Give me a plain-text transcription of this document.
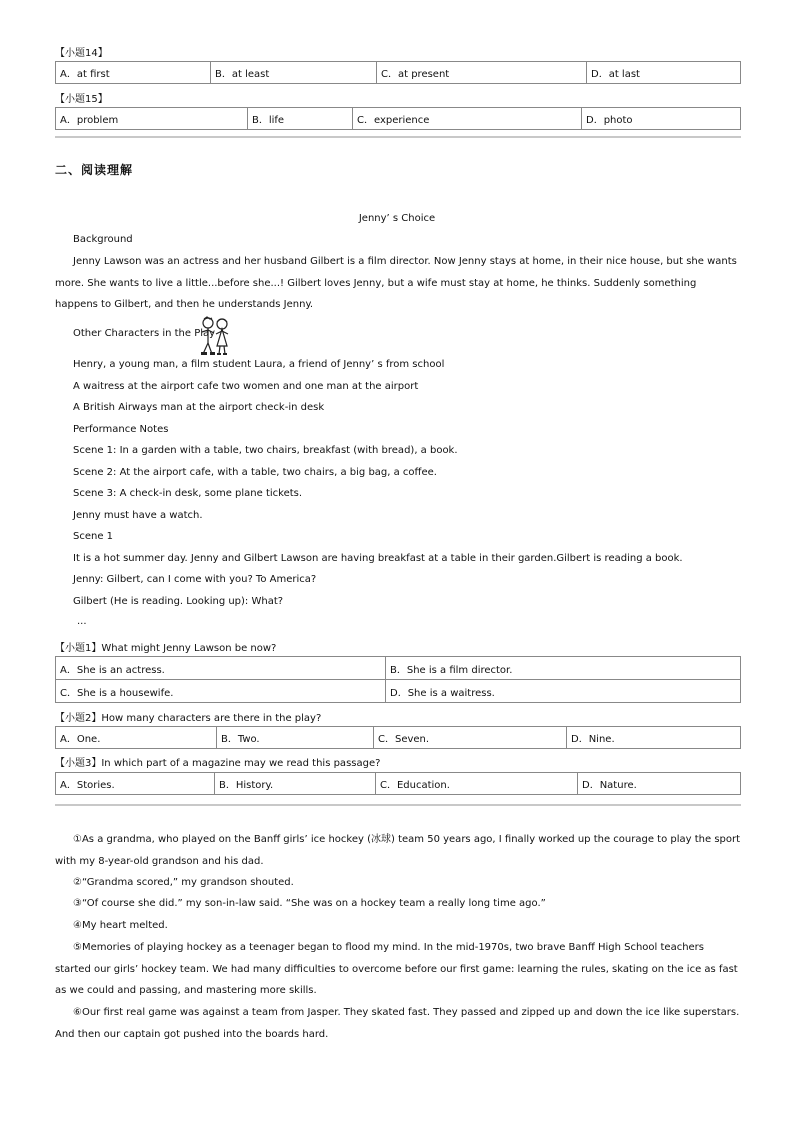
【小题14】
A．at first	B．at least	C．at present	D．at last
【小题15】
A．problem	B．life	C．experience	D．photo
二、阅读理解
Jenny’ s Choice
Background
Jenny Lawson was an actress and her husband Gilbert is a film director. Now Jenny stays at home, in their nice house, but she wants more. She wants to live a little...before she...! Gilbert loves Jenny, but a wife must stay at home, he thinks. Suddenly something happens to Gilbert, and then he understands Jenny.
Other Characters in the Play
Henry, a young man, a film student Laura, a friend of Jenny’ s from school
A waitress at the airport cafe two women and one man at the airport
A British Airways man at the airport check-in desk
Performance Notes
Scene 1: In a garden with a table, two chairs, breakfast (with bread), a book.
Scene 2: At the airport cafe, with a table, two chairs, a big bag, a coffee.
Scene 3: A check-in desk, some plane tickets.
Jenny must have a watch.
Scene 1
It is a hot summer day. Jenny and Gilbert Lawson are having breakfast at a table in their garden.Gilbert is reading a book.
Jenny: Gilbert, can I come with you? To America?
Gilbert (He is reading. Looking up): What?
...
【小题1】What might Jenny Lawson be now?
A．She is an actress.	B．She is a film director.
C．She is a housewife.	D．She is a waitress.
【小题2】How many characters are there in the play?
A．One.	B．Two.	C．Seven.	D．Nine.
【小题3】In which part of a magazine may we read this passage?
A．Stories.	B．History.	C．Education.	D．Nature.
①As a grandma, who played on the Banff girls’ ice hockey (冰球) team 50 years ago, I finally worked up the courage to play the sport with my 8-year-old grandson and his dad.
②“Grandma scored,” my grandson shouted.
③“Of course she did.” my son-in-law said. “She was on a hockey team a really long time ago.”
④My heart melted.
⑤Memories of playing hockey as a teenager began to flood my mind. In the mid-1970s, two brave Banff High School teachers started our girls’ hockey team. We had many difficulties to overcome before our first game: learning the rules, skating on the ice as fast as we could and passing, and mastering more skills.
⑥Our first real game was against a team from Jasper. They skated fast. They passed and zipped up and down the ice like superstars. And then our captain got pushed into the boards hard.
